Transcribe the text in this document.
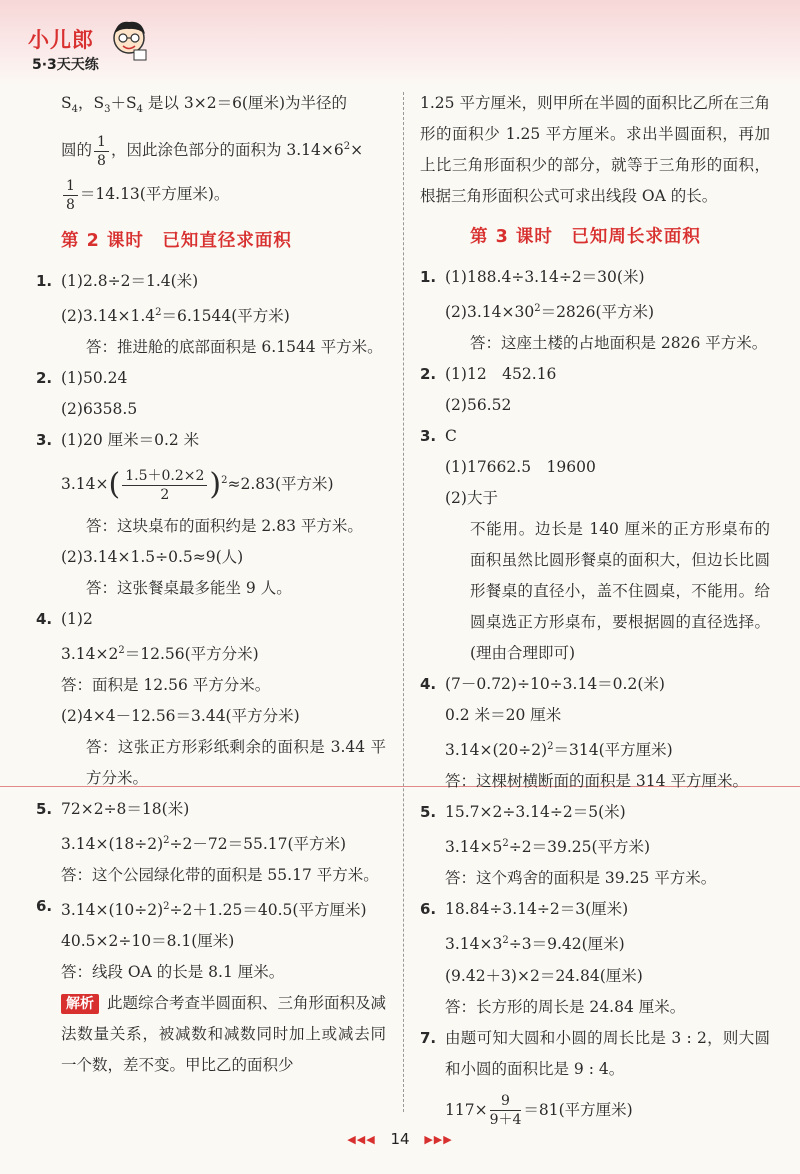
小儿郎
5·3天天练
$S_4$，$S_3+S_4$ 是以 3×2＝6(厘米)为半径的
圆的 $\frac{1}{8}$ ，因此涂色部分的面积为 $3.14\times 6^2\times$
$\frac{1}{8} =14.13$(平方厘米)。
第 2 课时　已知直径求面积
1. (1)2.8÷2＝1.4(米)
$(2)3.14\times 1.4^2=6.1544$(平方米)
答：推进舱的底部面积是 6.1544 平方米。
2. (1)50.24
(2)6358.5
3. (1)20 厘米＝0.2 米
$3.14\times( \frac{1.5+0.2\times 2}{2} )^2\approx 2.83$(平方米)
答：这块桌布的面积约是 2.83 平方米。
(2)3.14×1.5÷0.5≈9(人)
答：这张餐桌最多能坐 9 人。
4. (1)2
$3.14\times 2^2=12.56$(平方分米)
答：面积是 12.56 平方分米。
(2)4×4－12.56＝3.44(平方分米)
答：这张正方形彩纸剩余的面积是 3.44 平方分米。
5. 72×2÷8＝18(米)
$3.14\times(18\div 2)^2\div 2-72=55.17$(平方米)
答：这个公园绿化带的面积是 55.17 平方米。
6. $3.14\times(10\div 2)^2\div 2+1.25=40.5$(平方厘米)
40.5×2÷10＝8.1(厘米)
答：线段 OA 的长是 8.1 厘米。
解析 此题综合考查半圆面积、三角形面积及减法数量关系，被减数和减数同时加上或减去同一个数，差不变。甲比乙的面积少
1.25 平方厘米，则甲所在半圆的面积比乙所在三角形的面积少 1.25 平方厘米。求出半圆面积，再加上比三角形面积少的部分，就等于三角形的面积，根据三角形面积公式可求出线段 OA 的长。
第 3 课时　已知周长求面积
1. (1)188.4÷3.14÷2＝30(米)
$(2)3.14\times 30^2=2826$(平方米)
答：这座土楼的占地面积是 2826 平方米。
2. (1)12　452.16
(2)56.52
3. C
(1)17662.5　19600
(2)大于
不能用。边长是 140 厘米的正方形桌布的面积虽然比圆形餐桌的面积大，但边长比圆形餐桌的直径小，盖不住圆桌，不能用。给圆桌选正方形桌布，要根据圆的直径选择。(理由合理即可)
4. (7－0.72)÷10÷3.14＝0.2(米)
0.2 米＝20 厘米
$3.14\times(20\div 2)^2=314$(平方厘米)
答：这棵树横断面的面积是 314 平方厘米。
5. 15.7×2÷3.14÷2＝5(米)
$3.14\times 5^2\div 2=39.25$(平方米)
答：这个鸡舍的面积是 39.25 平方米。
6. 18.84÷3.14÷2＝3(厘米)
$3.14\times 3^2\div 3=9.42$(厘米)
(9.42＋3)×2＝24.84(厘米)
答：长方形的周长是 24.84 厘米。
7. 由题可知大圆和小圆的周长比是 3 : 2，则大圆和小圆的面积比是 9 : 4。
$117\times \frac{9}{9+4} =81$(平方厘米)
◀◀◀ 14 ▶▶▶
